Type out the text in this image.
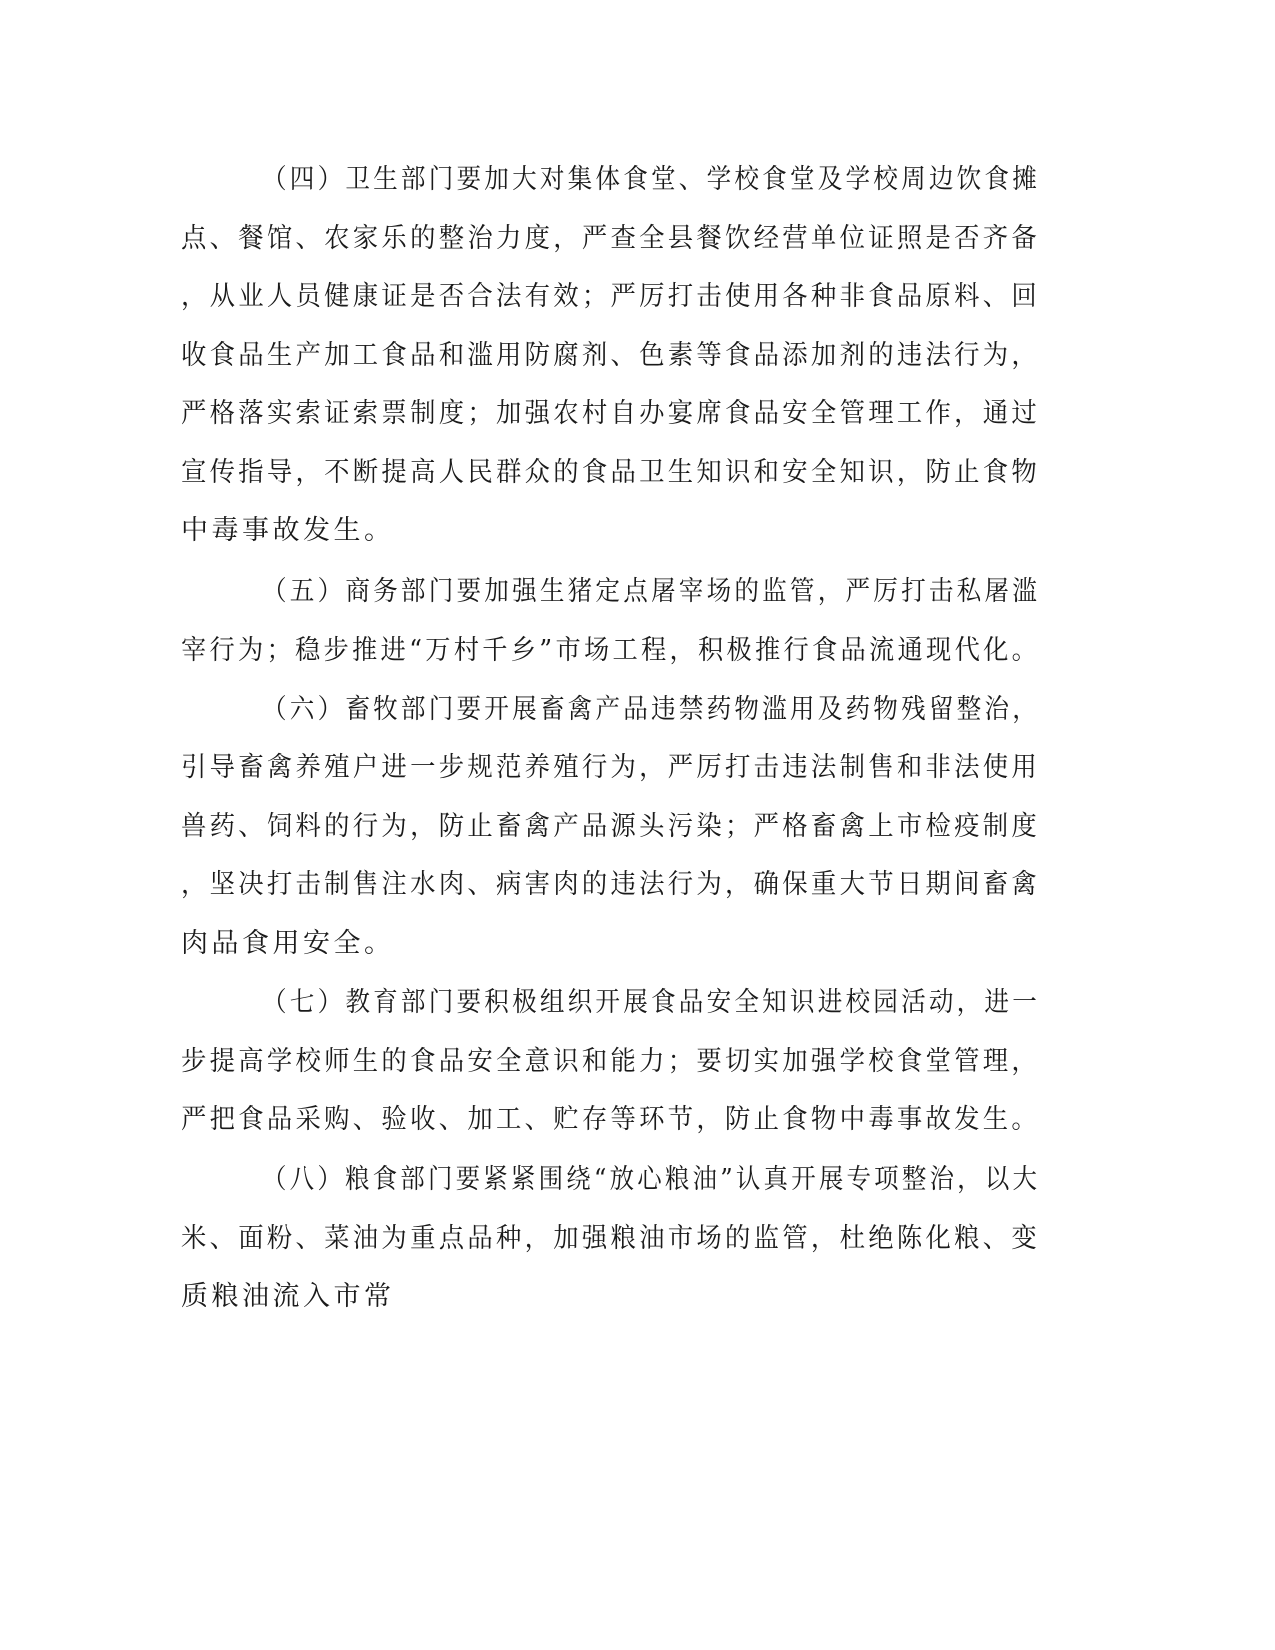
（四）卫生部门要加大对集体食堂、学校食堂及学校周边饮食摊
点、餐馆、农家乐的整治力度，严查全县餐饮经营单位证照是否齐备
，从业人员健康证是否合法有效；严厉打击使用各种非食品原料、回
收食品生产加工食品和滥用防腐剂、色素等食品添加剂的违法行为，
严格落实索证索票制度；加强农村自办宴席食品安全管理工作，通过
宣传指导，不断提高人民群众的食品卫生知识和安全知识，防止食物
中毒事故发生。
（五）商务部门要加强生猪定点屠宰场的监管，严厉打击私屠滥
宰行为；稳步推进“万村千乡”市场工程，积极推行食品流通现代化。
（六）畜牧部门要开展畜禽产品违禁药物滥用及药物残留整治，
引导畜禽养殖户进一步规范养殖行为，严厉打击违法制售和非法使用
兽药、饲料的行为，防止畜禽产品源头污染；严格畜禽上市检疫制度
，坚决打击制售注水肉、病害肉的违法行为，确保重大节日期间畜禽
肉品食用安全。
（七）教育部门要积极组织开展食品安全知识进校园活动，进一
步提高学校师生的食品安全意识和能力；要切实加强学校食堂管理，
严把食品采购、验收、加工、贮存等环节，防止食物中毒事故发生。
（八）粮食部门要紧紧围绕“放心粮油”认真开展专项整治，以大
米、面粉、菜油为重点品种，加强粮油市场的监管，杜绝陈化粮、变
质粮油流入市常
